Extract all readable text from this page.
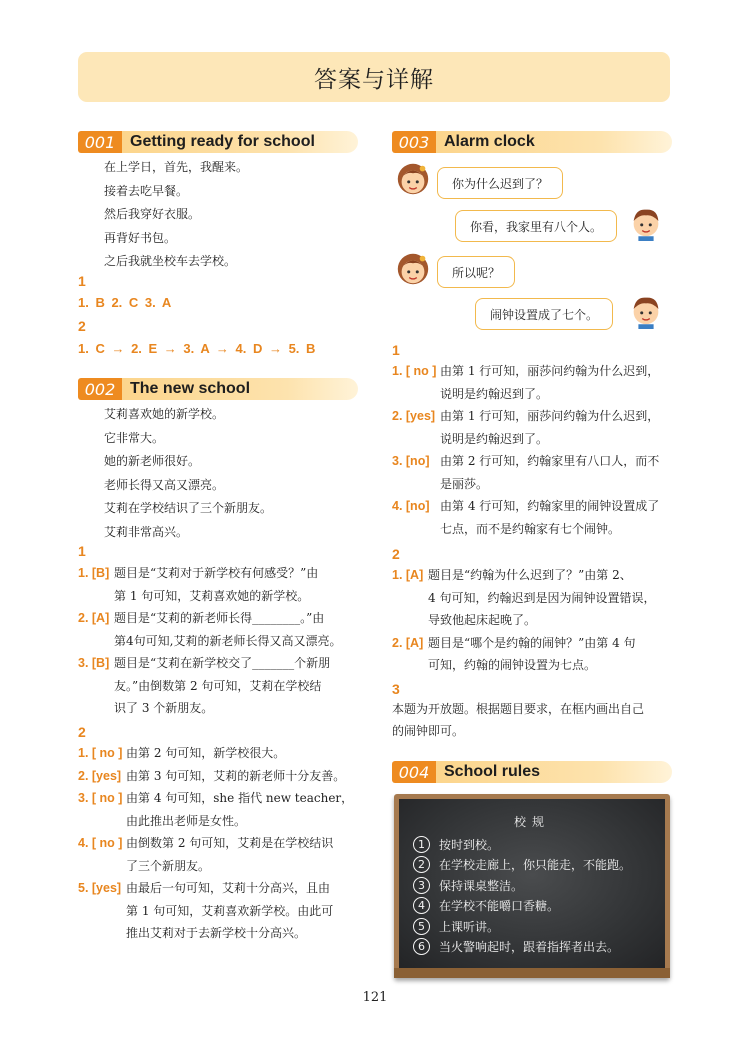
答案与详解
001 Getting ready for school
在上学日，首先，我醒来。
接着去吃早餐。
然后我穿好衣服。
再背好书包。
之后我就坐校车去学校。
1
1. B 2. C 3. A
2
1. C → 2. E → 3. A → 4. D → 5. B
002 The new school
艾莉喜欢她的新学校。
它非常大。
她的新老师很好。
老师长得又高又漂亮。
艾莉在学校结识了三个新朋友。
艾莉非常高兴。
1
1. [B] 题目是“艾莉对于新学校有何感受？”由
第 1 句可知，艾莉喜欢她的新学校。
2. [A] 题目是“艾莉的新老师长得________。”由
第4句可知,艾莉的新老师长得又高又漂亮。
3. [B] 题目是“艾莉在新学校交了_______个新朋
友。”由倒数第 2 句可知，艾莉在学校结
识了 3 个新朋友。
2
1. [ no ] 由第 2 句可知，新学校很大。
2. [yes] 由第 3 句可知，艾莉的新老师十分友善。
3. [ no ] 由第 4 句可知，she 指代 new teacher，
由此推出老师是女性。
4. [ no ] 由倒数第 2 句可知，艾莉是在学校结识
了三个新朋友。
5. [yes] 由最后一句可知，艾莉十分高兴，且由
第 1 句可知，艾莉喜欢新学校。由此可
推出艾莉对于去新学校十分高兴。
003 Alarm clock
你为什么迟到了？
你看，我家里有八个人。
所以呢？
闹钟设置成了七个。
1
1. [ no ] 由第 1 行可知，丽莎问约翰为什么迟到，
说明是约翰迟到了。
2. [yes] 由第 1 行可知，丽莎问约翰为什么迟到，
说明是约翰迟到了。
3. [no] 由第 2 行可知，约翰家里有八口人，而不
是丽莎。
4. [no] 由第 4 行可知，约翰家里的闹钟设置成了
七点，而不是约翰家有七个闹钟。
2
1. [A] 题目是“约翰为什么迟到了？”由第 2、
4 句可知，约翰迟到是因为闹钟设置错误，
导致他起床起晚了。
2. [A] 题目是“哪个是约翰的闹钟？”由第 4 句
可知，约翰的闹钟设置为七点。
3
本题为开放题。根据题目要求，在框内画出自己
的闹钟即可。
004 School rules
校规
1	按时到校。
2	在学校走廊上，你只能走，不能跑。
3	保持课桌整洁。
4	在学校不能嚼口香糖。
5	上课听讲。
6	当火警响起时，跟着指挥者出去。
121
